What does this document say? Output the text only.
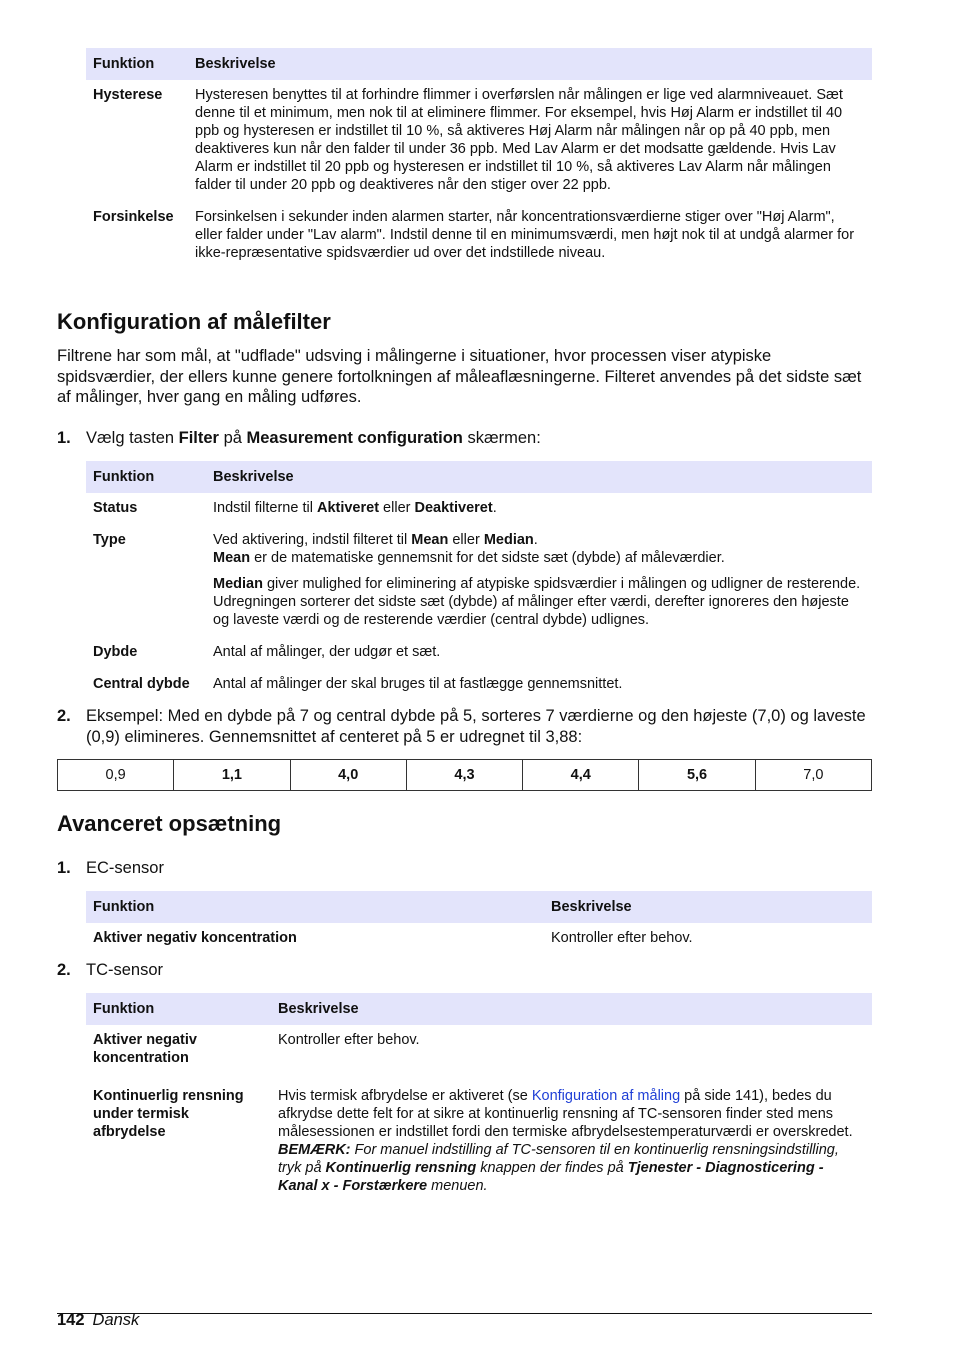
Funktion	Beskrivelse
Hysterese	Hysteresen benyttes til at forhindre flimmer i overførslen når målingen er lige ved alarmniveauet. Sæt denne til et minimum, men nok til at eliminere flimmer. For eksempel, hvis Høj Alarm er indstillet til 40 ppb og hysteresen er indstillet til 10 %, så aktiveres Høj Alarm når målingen når op på 40 ppb, men deaktiveres kun når den falder til under 36 ppb. Med Lav Alarm er det modsatte gældende. Hvis Lav Alarm er indstillet til 20 ppb og hysteresen er indstillet til 10 %, så aktiveres Lav Alarm når målingen falder til under 20 ppb og deaktiveres når den stiger over 22 ppb.
Forsinkelse	Forsinkelsen i sekunder inden alarmen starter, når koncentrationsværdierne stiger over "Høj Alarm", eller falder under "Lav alarm". Indstil denne til en minimumsværdi, men højt nok til at undgå alarmer for ikke-repræsentative spidsværdier ud over det indstillede niveau.
Konfiguration af målefilter

Filtrene har som mål, at "udflade" udsving i målingerne i situationer, hvor processen viser atypiske spidsværdier, der ellers kunne genere fortolkningen af måleaflæsningerne. Filteret anvendes på det sidste sæt af målinger, hver gang en måling udføres.

1. Vælg tasten Filter på Measurement configuration skærmen:
Funktion	Beskrivelse
Status	Indstil filterne til Aktiveret eller Deaktiveret.
Type	Ved aktivering, indstil filteret til Mean eller Median.
Mean er de matematiske gennemsnit for det sidste sæt (dybde) af måleværdier.

Median giver mulighed for eliminering af atypiske spidsværdier i målingen og udligner de resterende. Udregningen sorterer det sidste sæt (dybde) af målinger efter værdi, derefter ignoreres den højeste og laveste værdi og de resterende værdier (central dybde) udlignes.

Dybde	Antal af målinger, der udgør et sæt.
Central dybde	Antal af målinger der skal bruges til at fastlægge gennemsnittet.
2. Eksempel: Med en dybde på 7 og central dybde på 5, sorteres 7 værdierne og den højeste (7,0) og laveste (0,9) elimineres. Gennemsnittet af centeret på 5 er udregnet til 3,88:
0,9	1,1	4,0	4,3	4,4	5,6	7,0
Avanceret opsætning
1. EC-sensor
Funktion	Beskrivelse
Aktiver negativ koncentration	Kontroller efter behov.
2. TC-sensor
Funktion	Beskrivelse
Aktiver negativ koncentration	Kontroller efter behov.
Kontinuerlig rensning under termisk afbrydelse	Hvis termisk afbrydelse er aktiveret (se Konfiguration af måling på side 141), bedes du afkrydse dette felt for at sikre at kontinuerlig rensning af TC-sensoren finder sted mens målesessionen er indstillet fordi den termiske afbrydelsestemperaturværdi er overskredet.
BEMÆRK: For manuel indstilling af TC-sensoren til en kontinuerlig rensningsindstilling, tryk på Kontinuerlig rensning knappen der findes på Tjenester - Diagnosticering - Kanal x - Forstærkere menuen.
142 Dansk
